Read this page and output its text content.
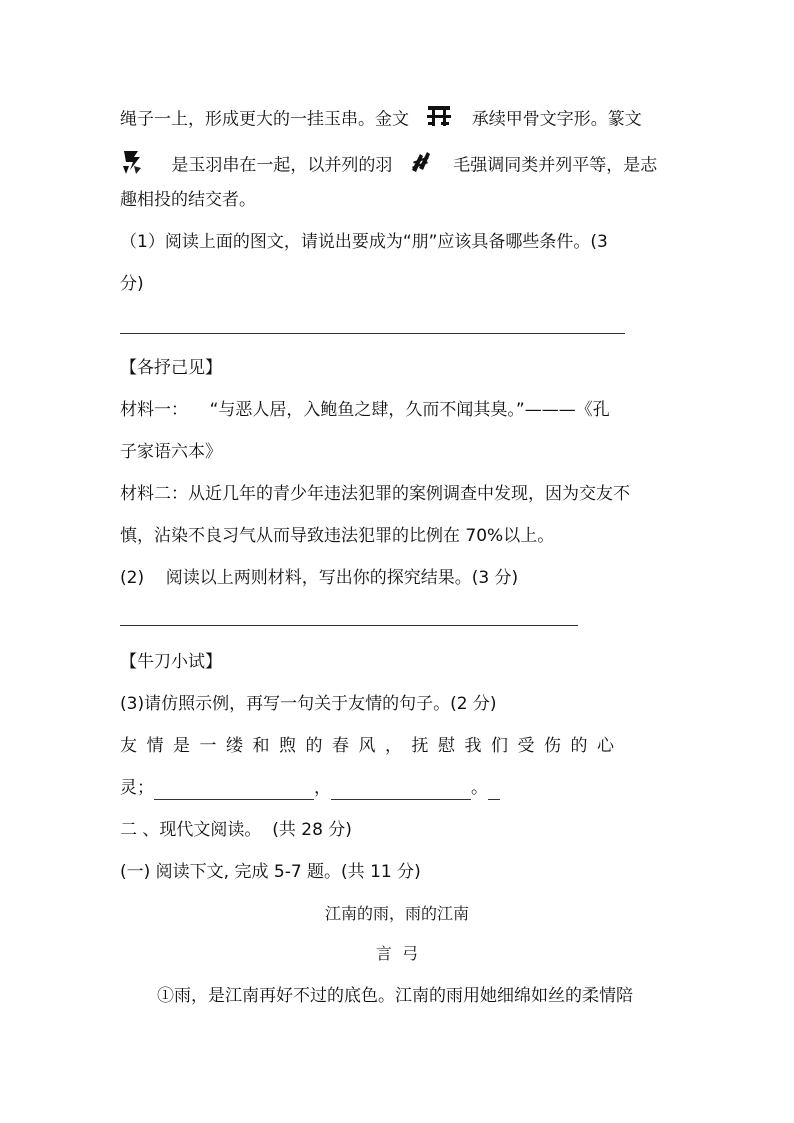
绳子一上，形成更大的一挂玉串。金文	承续甲骨文字形。篆文
是玉羽串在一起，以并列的羽	毛强调同类并列平等，是志
趣相投的结交者。
（1）阅读上面的图文，请说出要成为“朋”应该具备哪些条件。(3
分)
【各抒己见】
材料一：    “与恶人居，入鲍鱼之肆，久而不闻其臭。”———《孔
子家语六本》
材料二：从近几年的青少年违法犯罪的案例调查中发现，因为交友不
慎，沾染不良习气从而导致违法犯罪的比例在 70%以上。
(2)    阅读以上两则材料，写出你的探究结果。(3 分)
【牛刀小试】
(3)请仿照示例，再写一句关于友情的句子。(2 分)
友情是一缕和煦的春风，抚慰我们受伤的心
灵；	，	。
二 、现代文阅读。  (共 28 分)
(一) 阅读下文, 完成 5-7 题。(共 11 分)
江南的雨，雨的江南
言  弓
①雨，是江南再好不过的底色。江南的雨用她细绵如丝的柔情陪
